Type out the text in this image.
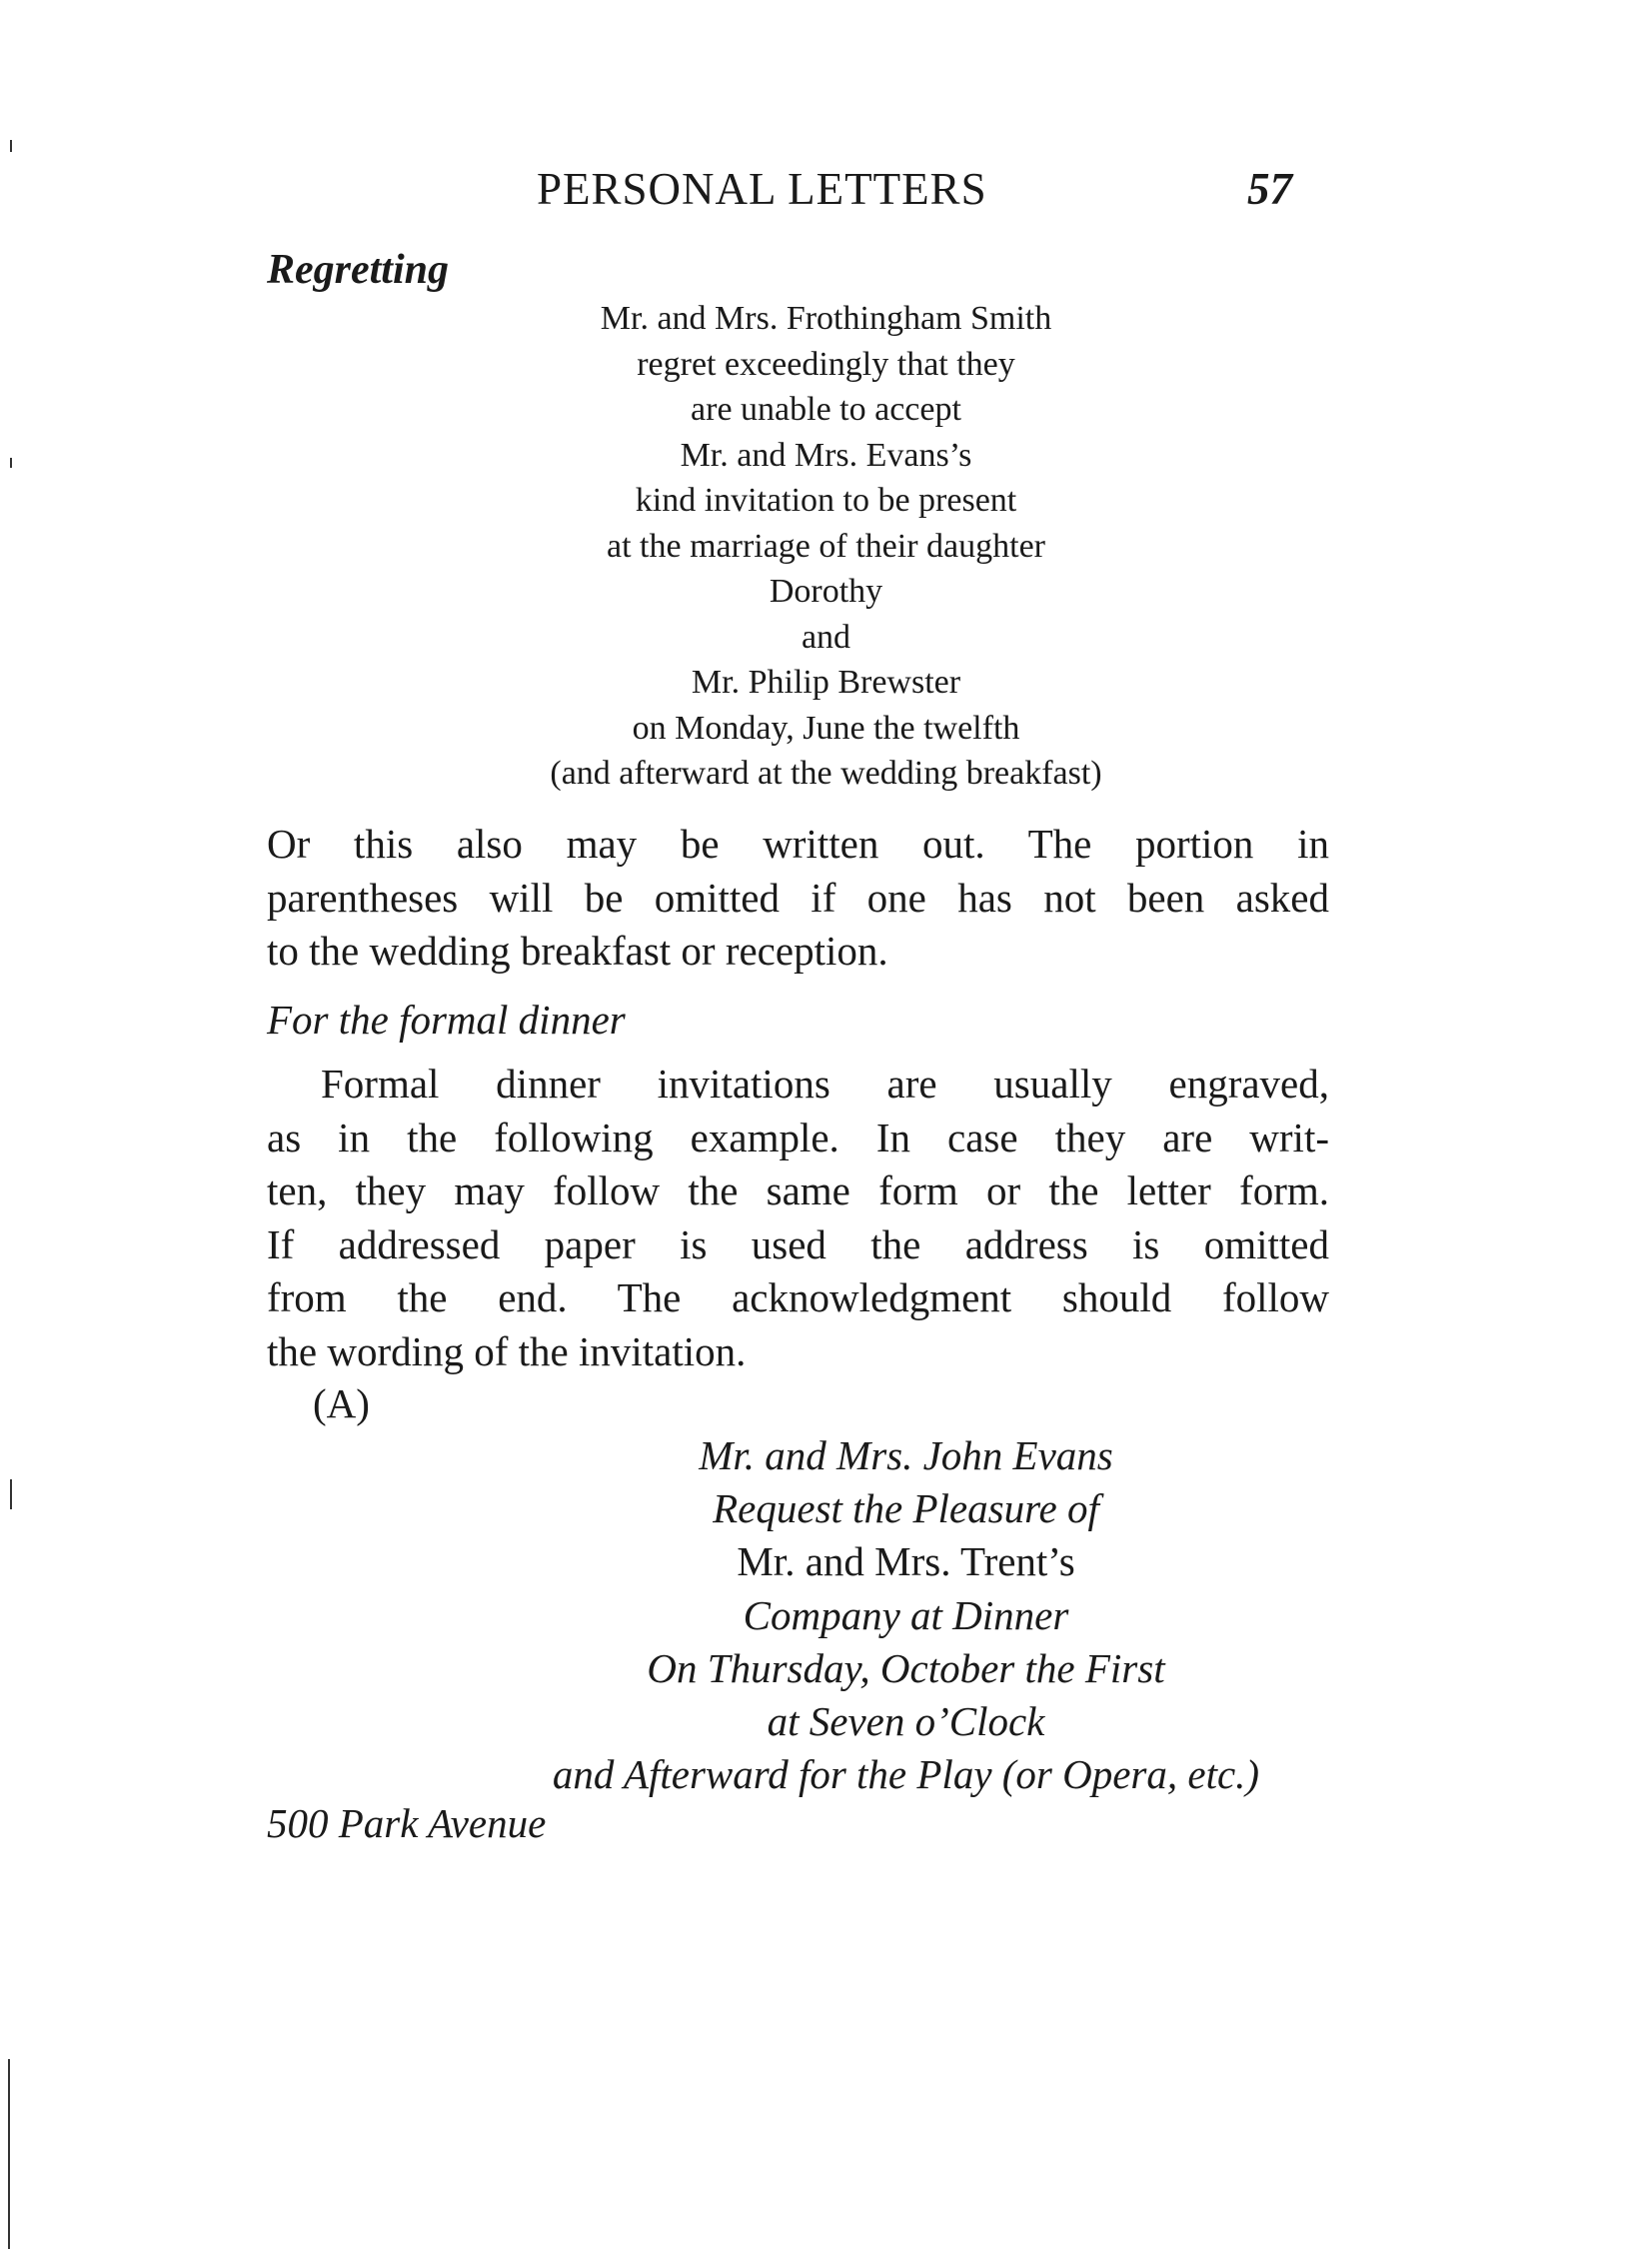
PERSONAL LETTERS	57
Regretting
Mr. and Mrs. Frothingham Smith
regret exceedingly that they
are unable to accept
Mr. and Mrs. Evans’s
kind invitation to be present
at the marriage of their daughter
Dorothy
and
Mr. Philip Brewster
on Monday, June the twelfth
(and afterward at the wedding breakfast)
Or this also may be written out. The portion in
parentheses will be omitted if one has not been asked
to the wedding breakfast or reception.
For the formal dinner
Formal dinner invitations are usually engraved,
as in the following example. In case they are writ-
ten, they may follow the same form or the letter form.
If addressed paper is used the address is omitted
from the end. The acknowledgment should follow
the wording of the invitation.
(A)
Mr. and Mrs. John Evans
Request the Pleasure of
Mr. and Mrs. Trent’s
Company at Dinner
On Thursday, October the First
at Seven o’Clock
and Afterward for the Play (or Opera, etc.)
500 Park Avenue
